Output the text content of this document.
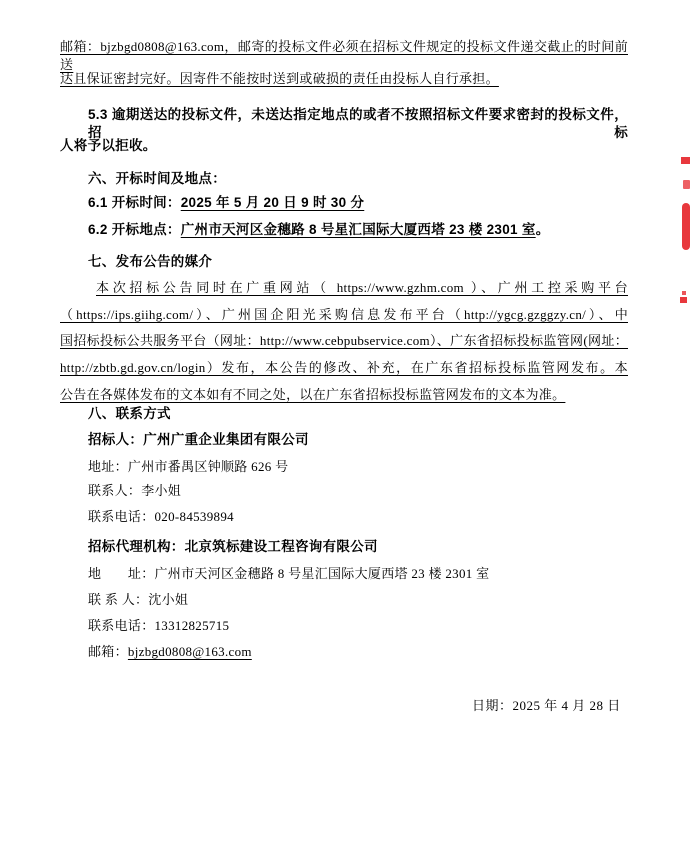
邮箱：bjzbgd0808@163.com，邮寄的投标文件必须在招标文件规定的投标文件递交截止的时间前送
达且保证密封完好。因寄件不能按时送到或破损的责任由投标人自行承担。
5.3 逾期送达的投标文件，未送达指定地点的或者不按照招标文件要求密封的投标文件，招标
人将予以拒收。
六、开标时间及地点：
6.1 开标时间：2025 年 5 月 20 日 9 时 30 分
6.2 开标地点：广州市天河区金穗路 8 号星汇国际大厦西塔 23 楼 2301 室。
七、发布公告的媒介
本次招标公告同时在广重网站（ https://www.gzhm.com ）、广州工控采购平台
（https://ips.giihg.com/）、广州国企阳光采购信息发布平台（http://ygcg.gzggzy.cn/）、中
国招标投标公共服务平台（网址：http://www.cebpubservice.com）、广东省招标投标监管网(网址：
http://zbtb.gd.gov.cn/login）发布，本公告的修改、补充，在广东省招标投标监管网发布。本
公告在各媒体发布的文本如有不同之处，以在广东省招标投标监管网发布的文本为准。
八、联系方式
招标人：广州广重企业集团有限公司
地址：广州市番禺区钟顺路 626 号
联系人：李小姐
联系电话：020-84539894
招标代理机构：北京筑标建设工程咨询有限公司
地　　址：广州市天河区金穗路 8 号星汇国际大厦西塔 23 楼 2301 室
联 系 人：沈小姐
联系电话：13312825715
邮箱：bjzbgd0808@163.com
日期：2025 年 4 月 28 日
